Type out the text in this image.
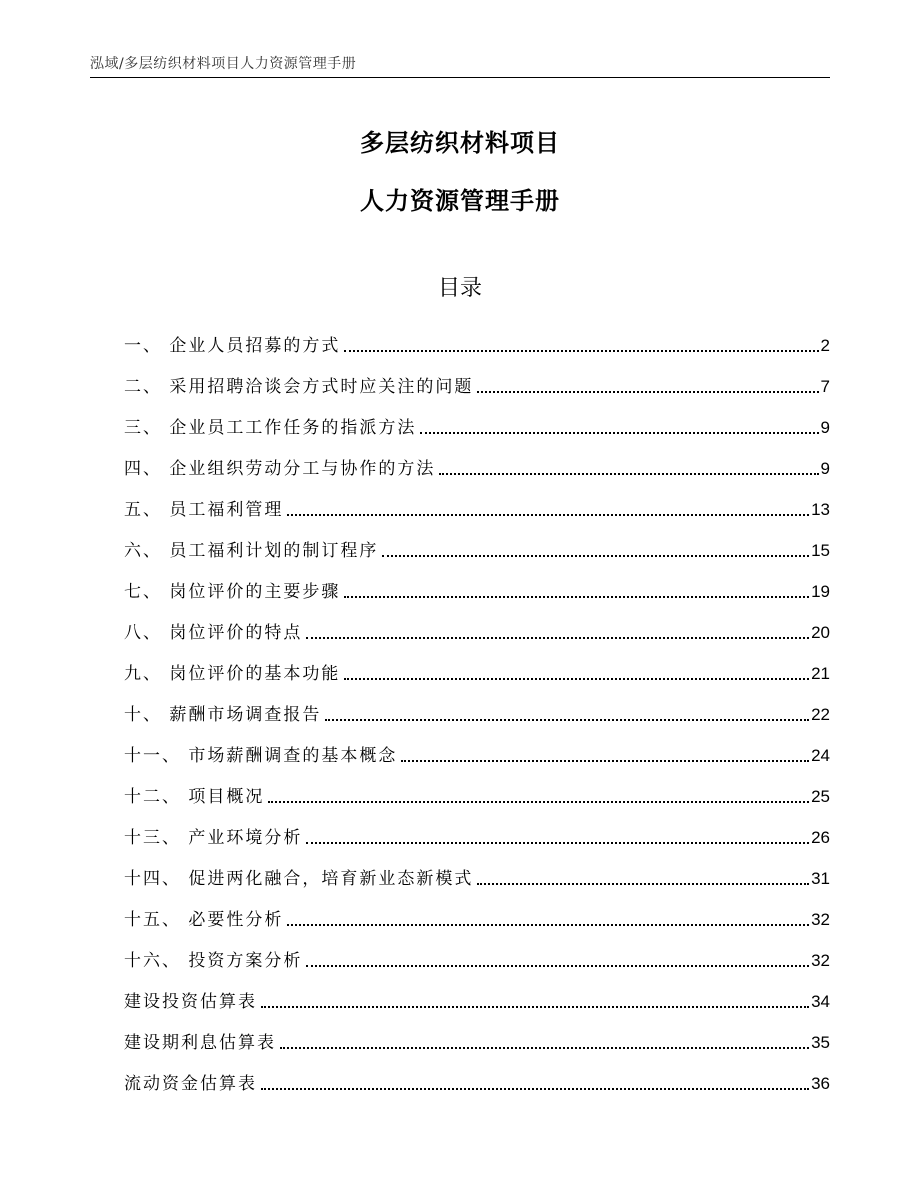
泓域/多层纺织材料项目人力资源管理手册
多层纺织材料项目
人力资源管理手册
目录
一、 企业人员招募的方式	2
二、 采用招聘洽谈会方式时应关注的问题	7
三、 企业员工工作任务的指派方法	9
四、 企业组织劳动分工与协作的方法	9
五、 员工福利管理	13
六、 员工福利计划的制订程序	15
七、 岗位评价的主要步骤	19
八、 岗位评价的特点	20
九、 岗位评价的基本功能	21
十、 薪酬市场调查报告	22
十一、 市场薪酬调查的基本概念	24
十二、 项目概况	25
十三、 产业环境分析	26
十四、 促进两化融合，培育新业态新模式	31
十五、 必要性分析	32
十六、 投资方案分析	32
建设投资估算表	34
建设期利息估算表	35
流动资金估算表	36
